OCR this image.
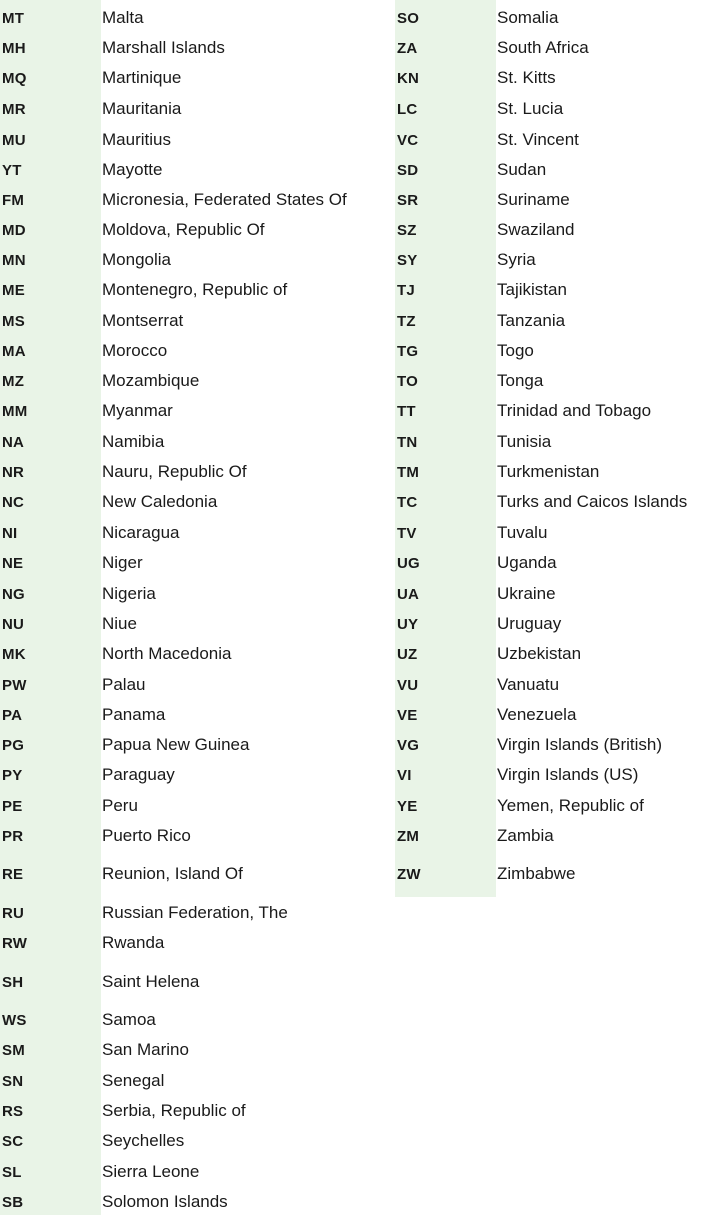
MT	Malta
MH	Marshall Islands
MQ	Martinique
MR	Mauritania
MU	Mauritius
YT	Mayotte
FM	Micronesia, Federated States Of
MD	Moldova, Republic Of
MN	Mongolia
ME	Montenegro, Republic of
MS	Montserrat
MA	Morocco
MZ	Mozambique
MM	Myanmar
NA	Namibia
NR	Nauru, Republic Of
NC	New Caledonia
NI	Nicaragua
NE	Niger
NG	Nigeria
NU	Niue
MK	North Macedonia
PW	Palau
PA	Panama
PG	Papua New Guinea
PY	Paraguay
PE	Peru
PR	Puerto Rico
RE	Reunion, Island Of
RU	Russian Federation, The
RW	Rwanda
SH	Saint Helena
WS	Samoa
SM	San Marino
SN	Senegal
RS	Serbia, Republic of
SC	Seychelles
SL	Sierra Leone
SB	Solomon Islands
SO	Somalia
ZA	South Africa
KN	St. Kitts
LC	St. Lucia
VC	St. Vincent
SD	Sudan
SR	Suriname
SZ	Swaziland
SY	Syria
TJ	Tajikistan
TZ	Tanzania
TG	Togo
TO	Tonga
TT	Trinidad and Tobago
TN	Tunisia
TM	Turkmenistan
TC	Turks and Caicos Islands
TV	Tuvalu
UG	Uganda
UA	Ukraine
UY	Uruguay
UZ	Uzbekistan
VU	Vanuatu
VE	Venezuela
VG	Virgin Islands (British)
VI	Virgin Islands (US)
YE	Yemen, Republic of
ZM	Zambia
ZW	Zimbabwe
